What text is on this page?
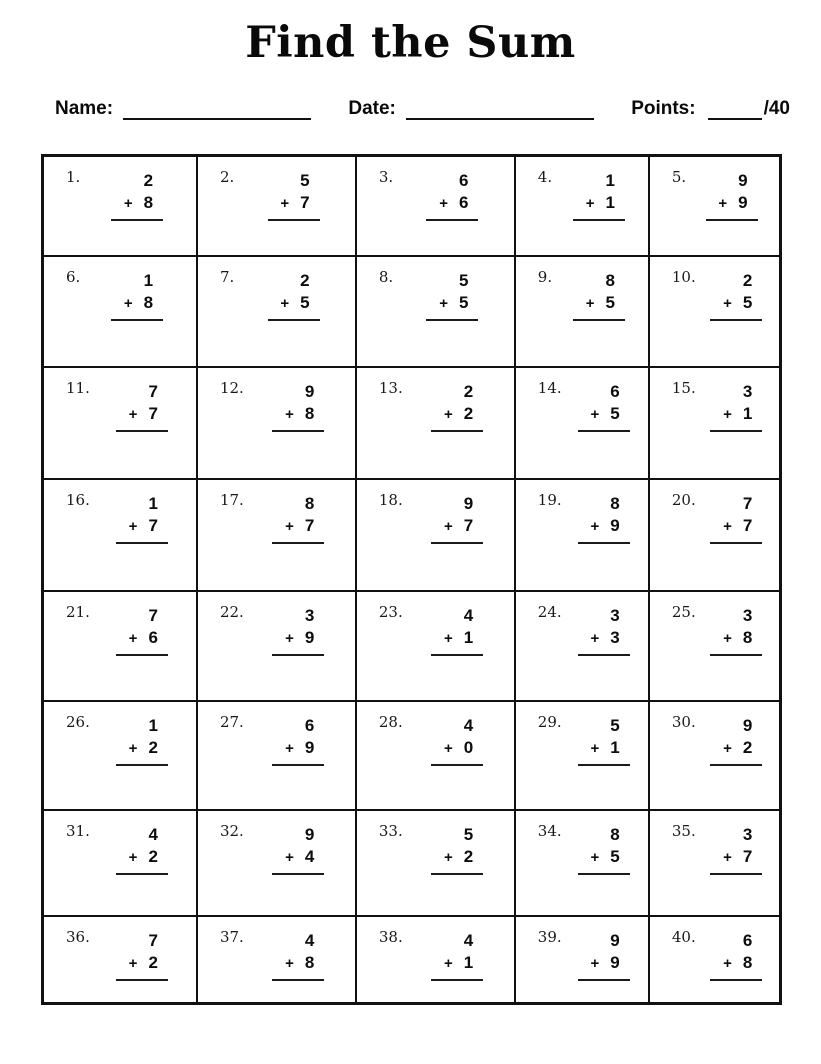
Find the Sum
Name:	Date:	Points:	/40
1.	2
+ 8
2.	5
+ 7
3.	6
+ 6
4.	1
+ 1
5.	9
+ 9
6.	1
+ 8
7.	2
+ 5
8.	5
+ 5
9.	8
+ 5
10.	2
+ 5
11.	7
+ 7
12.	9
+ 8
13.	2
+ 2
14.	6
+ 5
15.	3
+ 1
16.	1
+ 7
17.	8
+ 7
18.	9
+ 7
19.	8
+ 9
20.	7
+ 7
21.	7
+ 6
22.	3
+ 9
23.	4
+ 1
24.	3
+ 3
25.	3
+ 8
26.	1
+ 2
27.	6
+ 9
28.	4
+ 0
29.	5
+ 1
30.	9
+ 2
31.	4
+ 2
32.	9
+ 4
33.	5
+ 2
34.	8
+ 5
35.	3
+ 7
36.	7
+ 2
37.	4
+ 8
38.	4
+ 1
39.	9
+ 9
40.	6
+ 8
